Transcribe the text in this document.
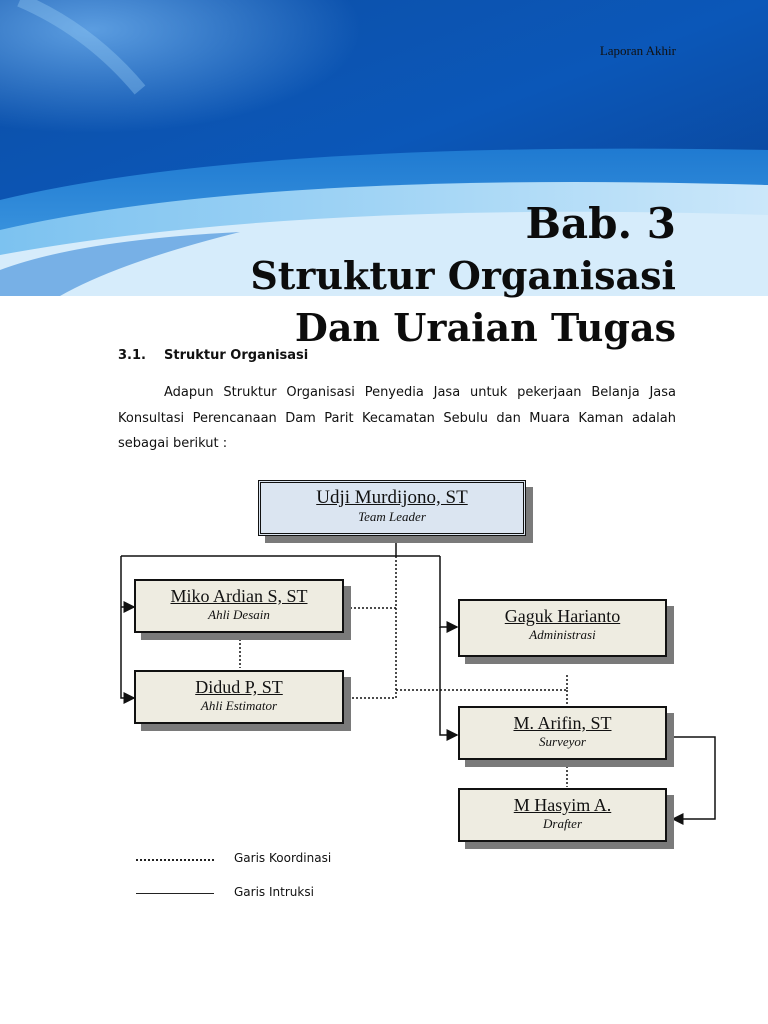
Laporan Akhir
Bab. 3
Struktur Organisasi
Dan Uraian Tugas
3.1. Struktur Organisasi
Adapun Struktur Organisasi Penyedia Jasa untuk pekerjaan Belanja Jasa Konsultasi Perencanaan Dam Parit Kecamatan Sebulu dan Muara Kaman adalah sebagai berikut :
Udji Murdijono, ST
Team Leader
Miko Ardian S, ST
Ahli Desain
Didud P, ST
Ahli Estimator
Gaguk Harianto
Administrasi
M. Arifin, ST
Surveyor
M Hasyim A.
Drafter
Garis Koordinasi
Garis Intruksi
